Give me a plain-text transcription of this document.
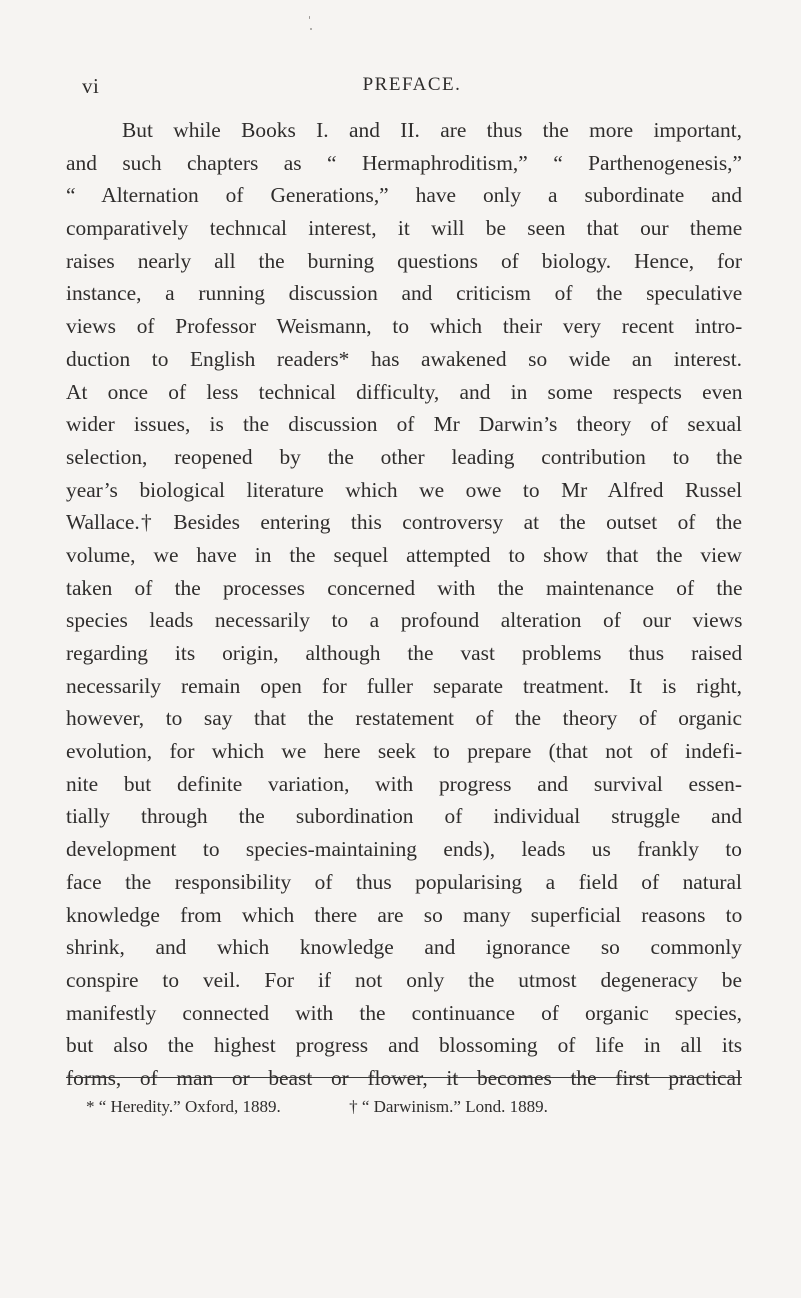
vi	PREFACE.
But while Books I. and II. are thus the more important,
and such chapters as “ Hermaphroditism,” “ Parthenogenesis,”
“ Alternation of Generations,” have only a subordinate and
comparatively technıcal interest, it will be seen that our theme
raises nearly all the burning questions of biology. Hence, for
instance, a running discussion and criticism of the speculative
views of Professor Weismann, to which their very recent intro-
duction to English readers* has awakened so wide an interest.
At once of less technical difficulty, and in some respects even
wider issues, is the discussion of Mr Darwin’s theory of sexual
selection, reopened by the other leading contribution to the
year’s biological literature which we owe to Mr Alfred Russel
Wallace.† Besides entering this controversy at the outset of the
volume, we have in the sequel attempted to show that the view
taken of the processes concerned with the maintenance of the
species leads necessarily to a profound alteration of our views
regarding its origin, although the vast problems thus raised
necessarily remain open for fuller separate treatment. It is right,
however, to say that the restatement of the theory of organic
evolution, for which we here seek to prepare (that not of indefi-
nite but definite variation, with progress and survival essen-
tially through the subordination of individual struggle and
development to species-maintaining ends), leads us frankly to
face the responsibility of thus popularising a field of natural
knowledge from which there are so many superficial reasons to
shrink, and which knowledge and ignorance so commonly
conspire to veil. For if not only the utmost degeneracy be
manifestly connected with the continuance of organic species,
but also the highest progress and blossoming of life in all its
forms, of man or beast or flower, it becomes the first practical
* “ Heredity.” Oxford, 1889.	† “ Darwinism.” Lond. 1889.
